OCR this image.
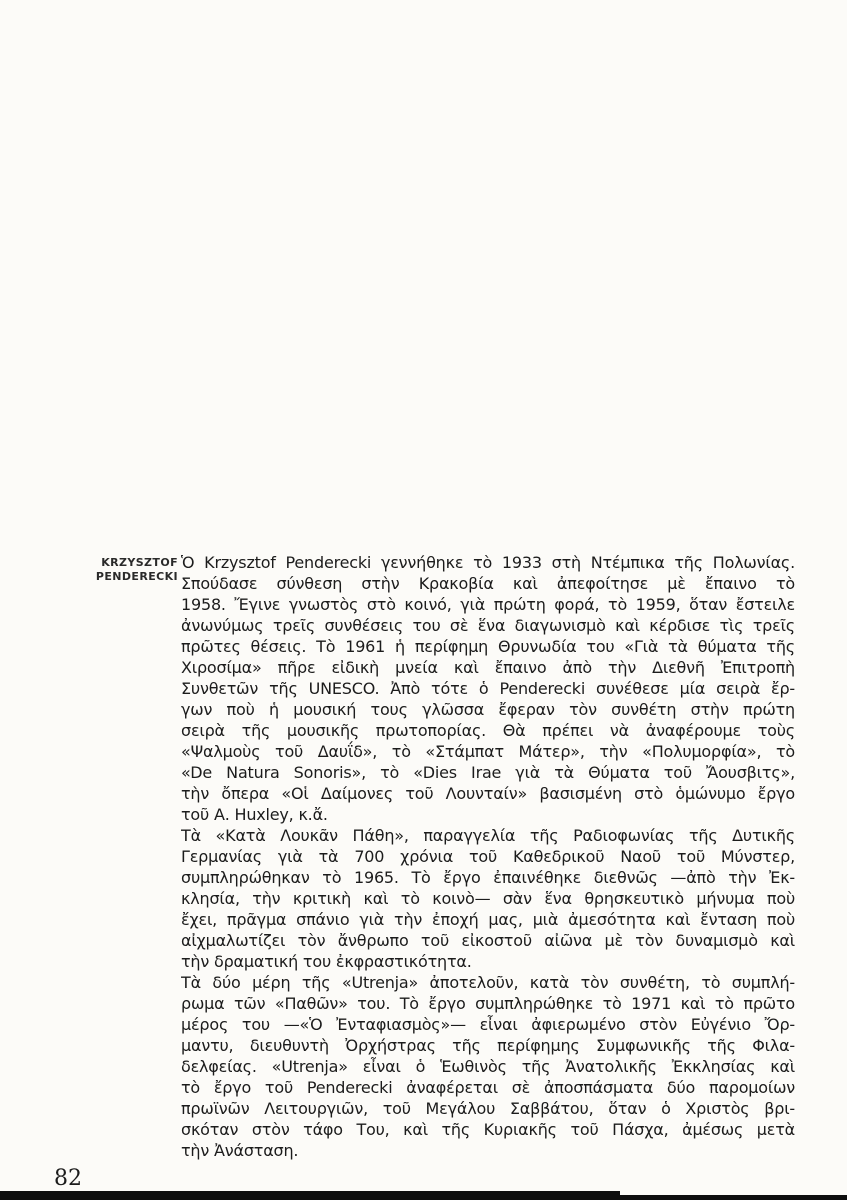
KRZYSZTOF
PENDERECKI
Ὁ Krzysztof Penderecki γεννήθηκε τὸ 1933 στὴ Ντέμπικα τῆς Πολωνίας.
Σπούδασε σύνθεση στὴν Κρακοβία καὶ ἀπεφοίτησε μὲ ἔπαινο τὸ
1958. Ἔγινε γνωστὸς στὸ κοινό, γιὰ πρώτη φορά, τὸ 1959, ὅταν ἔστειλε
ἀνωνύμως τρεῖς συνθέσεις του σὲ ἕνα διαγωνισμὸ καὶ κέρδισε τὶς τρεῖς
πρῶτες θέσεις. Τὸ 1961 ἡ περίφημη Θρυνωδία του «Γιὰ τὰ θύματα τῆς
Χιροσίμα» πῆρε εἰδικὴ μνεία καὶ ἔπαινο ἀπὸ τὴν Διεθνῆ Ἐπιτροπὴ
Συνθετῶν τῆς UNESCO. Ἀπὸ τότε ὁ Penderecki συνέθεσε μία σειρὰ ἔρ-
γων ποὺ ἡ μουσική τους γλῶσσα ἔφεραν τὸν συνθέτη στὴν πρώτη
σειρὰ τῆς μουσικῆς πρωτοπορίας. Θὰ πρέπει νὰ ἀναφέρουμε τοὺς
«Ψαλμοὺς τοῦ Δαυΐδ», τὸ «Στάμπατ Μάτερ», τὴν «Πολυμορφία», τὸ
«De Natura Sonoris», τὸ «Dies Irae γιὰ τὰ Θύματα τοῦ Ἄουσβιτς»,
τὴν ὄπερα «Οἱ Δαίμονες τοῦ Λουνταίν» βασισμένη στὸ ὁμώνυμο ἔργο
τοῦ Α. Huxley, κ.ἄ.
Τὰ «Κατὰ Λουκᾶν Πάθη», παραγγελία τῆς Ραδιοφωνίας τῆς Δυτικῆς
Γερμανίας γιὰ τὰ 700 χρόνια τοῦ Καθεδρικοῦ Ναοῦ τοῦ Μύνστερ,
συμπληρώθηκαν τὸ 1965. Τὸ ἔργο ἐπαινέθηκε διεθνῶς —ἀπὸ τὴν Ἐκ-
κλησία, τὴν κριτικὴ καὶ τὸ κοινὸ— σὰν ἕνα θρησκευτικὸ μήνυμα ποὺ
ἔχει, πρᾶγμα σπάνιο γιὰ τὴν ἐποχή μας, μιὰ ἀμεσότητα καὶ ἔνταση ποὺ
αἰχμαλωτίζει τὸν ἄνθρωπο τοῦ εἰκοστοῦ αἰῶνα μὲ τὸν δυναμισμὸ καὶ
τὴν δραματική του ἐκφραστικότητα.
Τὰ δύο μέρη τῆς «Utrenja» ἀποτελοῦν, κατὰ τὸν συνθέτη, τὸ συμπλή-
ρωμα τῶν «Παθῶν» του. Τὸ ἔργο συμπληρώθηκε τὸ 1971 καὶ τὸ πρῶτο
μέρος του —«Ὁ Ἐνταφιασμὸς»— εἶναι ἀφιερωμένο στὸν Εὐγένιο Ὄρ-
μαντυ, διευθυντὴ Ὀρχήστρας τῆς περίφημης Συμφωνικῆς τῆς Φιλα-
δελφείας. «Utrenja» εἶναι ὁ Ἑωθινὸς τῆς Ἀνατολικῆς Ἐκκλησίας καὶ
τὸ ἔργο τοῦ Penderecki ἀναφέρεται σὲ ἀποσπάσματα δύο παρομοίων
πρωϊνῶν Λειτουργιῶν, τοῦ Μεγάλου Σαββάτου, ὅταν ὁ Χριστὸς βρι-
σκόταν στὸν τάφο Του, καὶ τῆς Κυριακῆς τοῦ Πάσχα, ἀμέσως μετὰ
τὴν Ἀνάσταση.
82
